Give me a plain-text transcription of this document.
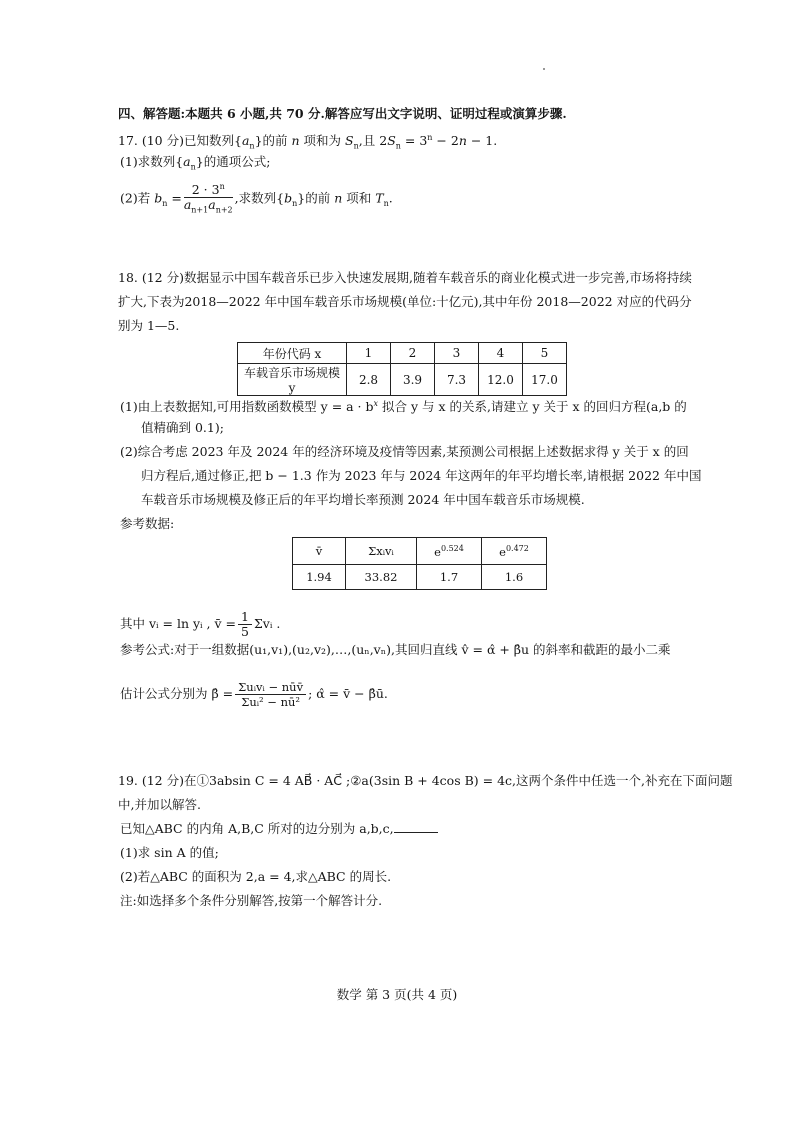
四、解答题:本题共 6 小题,共 70 分.解答应写出文字说明、证明过程或演算步骤.
17. (10 分)已知数列$\{a_n\}$的前 n 项和为 $S_n$,且 $2S_n = 3^n - 2n - 1$.
(1)求数列$\{a_n\}$的通项公式;
(2)若 $b_n = \frac{2 \cdot 3^n}{a_{n+1}a_{n+2}}$ ,求数列$\{b_n\}$的前 n 项和 $T_n$.
18. (12 分)数据显示中国车载音乐已步入快速发展期,随着车载音乐的商业化模式进一步完善,市场将持续
扩大,下表为2018—2022 年中国车载音乐市场规模(单位:十亿元),其中年份 2018—2022 对应的代码分
别为 1—5.
年份代码 x	1	2	3	4	5
车载音乐市场规模 y	2.8	3.9	7.3	12.0	17.0
(1)由上表数据知,可用指数函数模型 $y = a \cdot b^x$ 拟合 y 与 x 的关系,请建立 y 关于 x 的回归方程(a,b 的
值精确到 0.1);
(2)综合考虑 2023 年及 2024 年的经济环境及疫情等因素,某预测公司根据上述数据求得 y 关于 x 的回
归方程后,通过修正,把 b − 1.3 作为 2023 年与 2024 年这两年的年平均增长率,请根据 2022 年中国
车载音乐市场规模及修正后的年平均增长率预测 2024 年中国车载音乐市场规模.
参考数据:
v̄	Σxᵢvᵢ	$e^{0.524}$	$e^{0.472}$
1.94	33.82	1.7	1.6
其中 vᵢ = ln yᵢ , v̄ = $\frac{1}{5}$ Σvᵢ .
参考公式:对于一组数据(u₁,v₁),(u₂,v₂),…,(uₙ,vₙ),其回归直线 v̂ = α̂ + β̂u 的斜率和截距的最小二乘
估计公式分别为 β̂ = $\frac{\text{Σuᵢvᵢ − nūv̄}}{\text{Σuᵢ² − nū²}}$ ; α̂ = v̄ − β̂ū.
19. (12 分)在①3absin C = 4 AB⃗ · AC⃗ ;②a(3sin B + 4cos B) = 4c,这两个条件中任选一个,补充在下面问题
中,并加以解答.
已知△ABC 的内角 A,B,C 所对的边分别为 a,b,c,
(1)求 sin A 的值;
(2)若△ABC 的面积为 2,a = 4,求△ABC 的周长.
注:如选择多个条件分别解答,按第一个解答计分.
数学 第 3 页(共 4 页)
